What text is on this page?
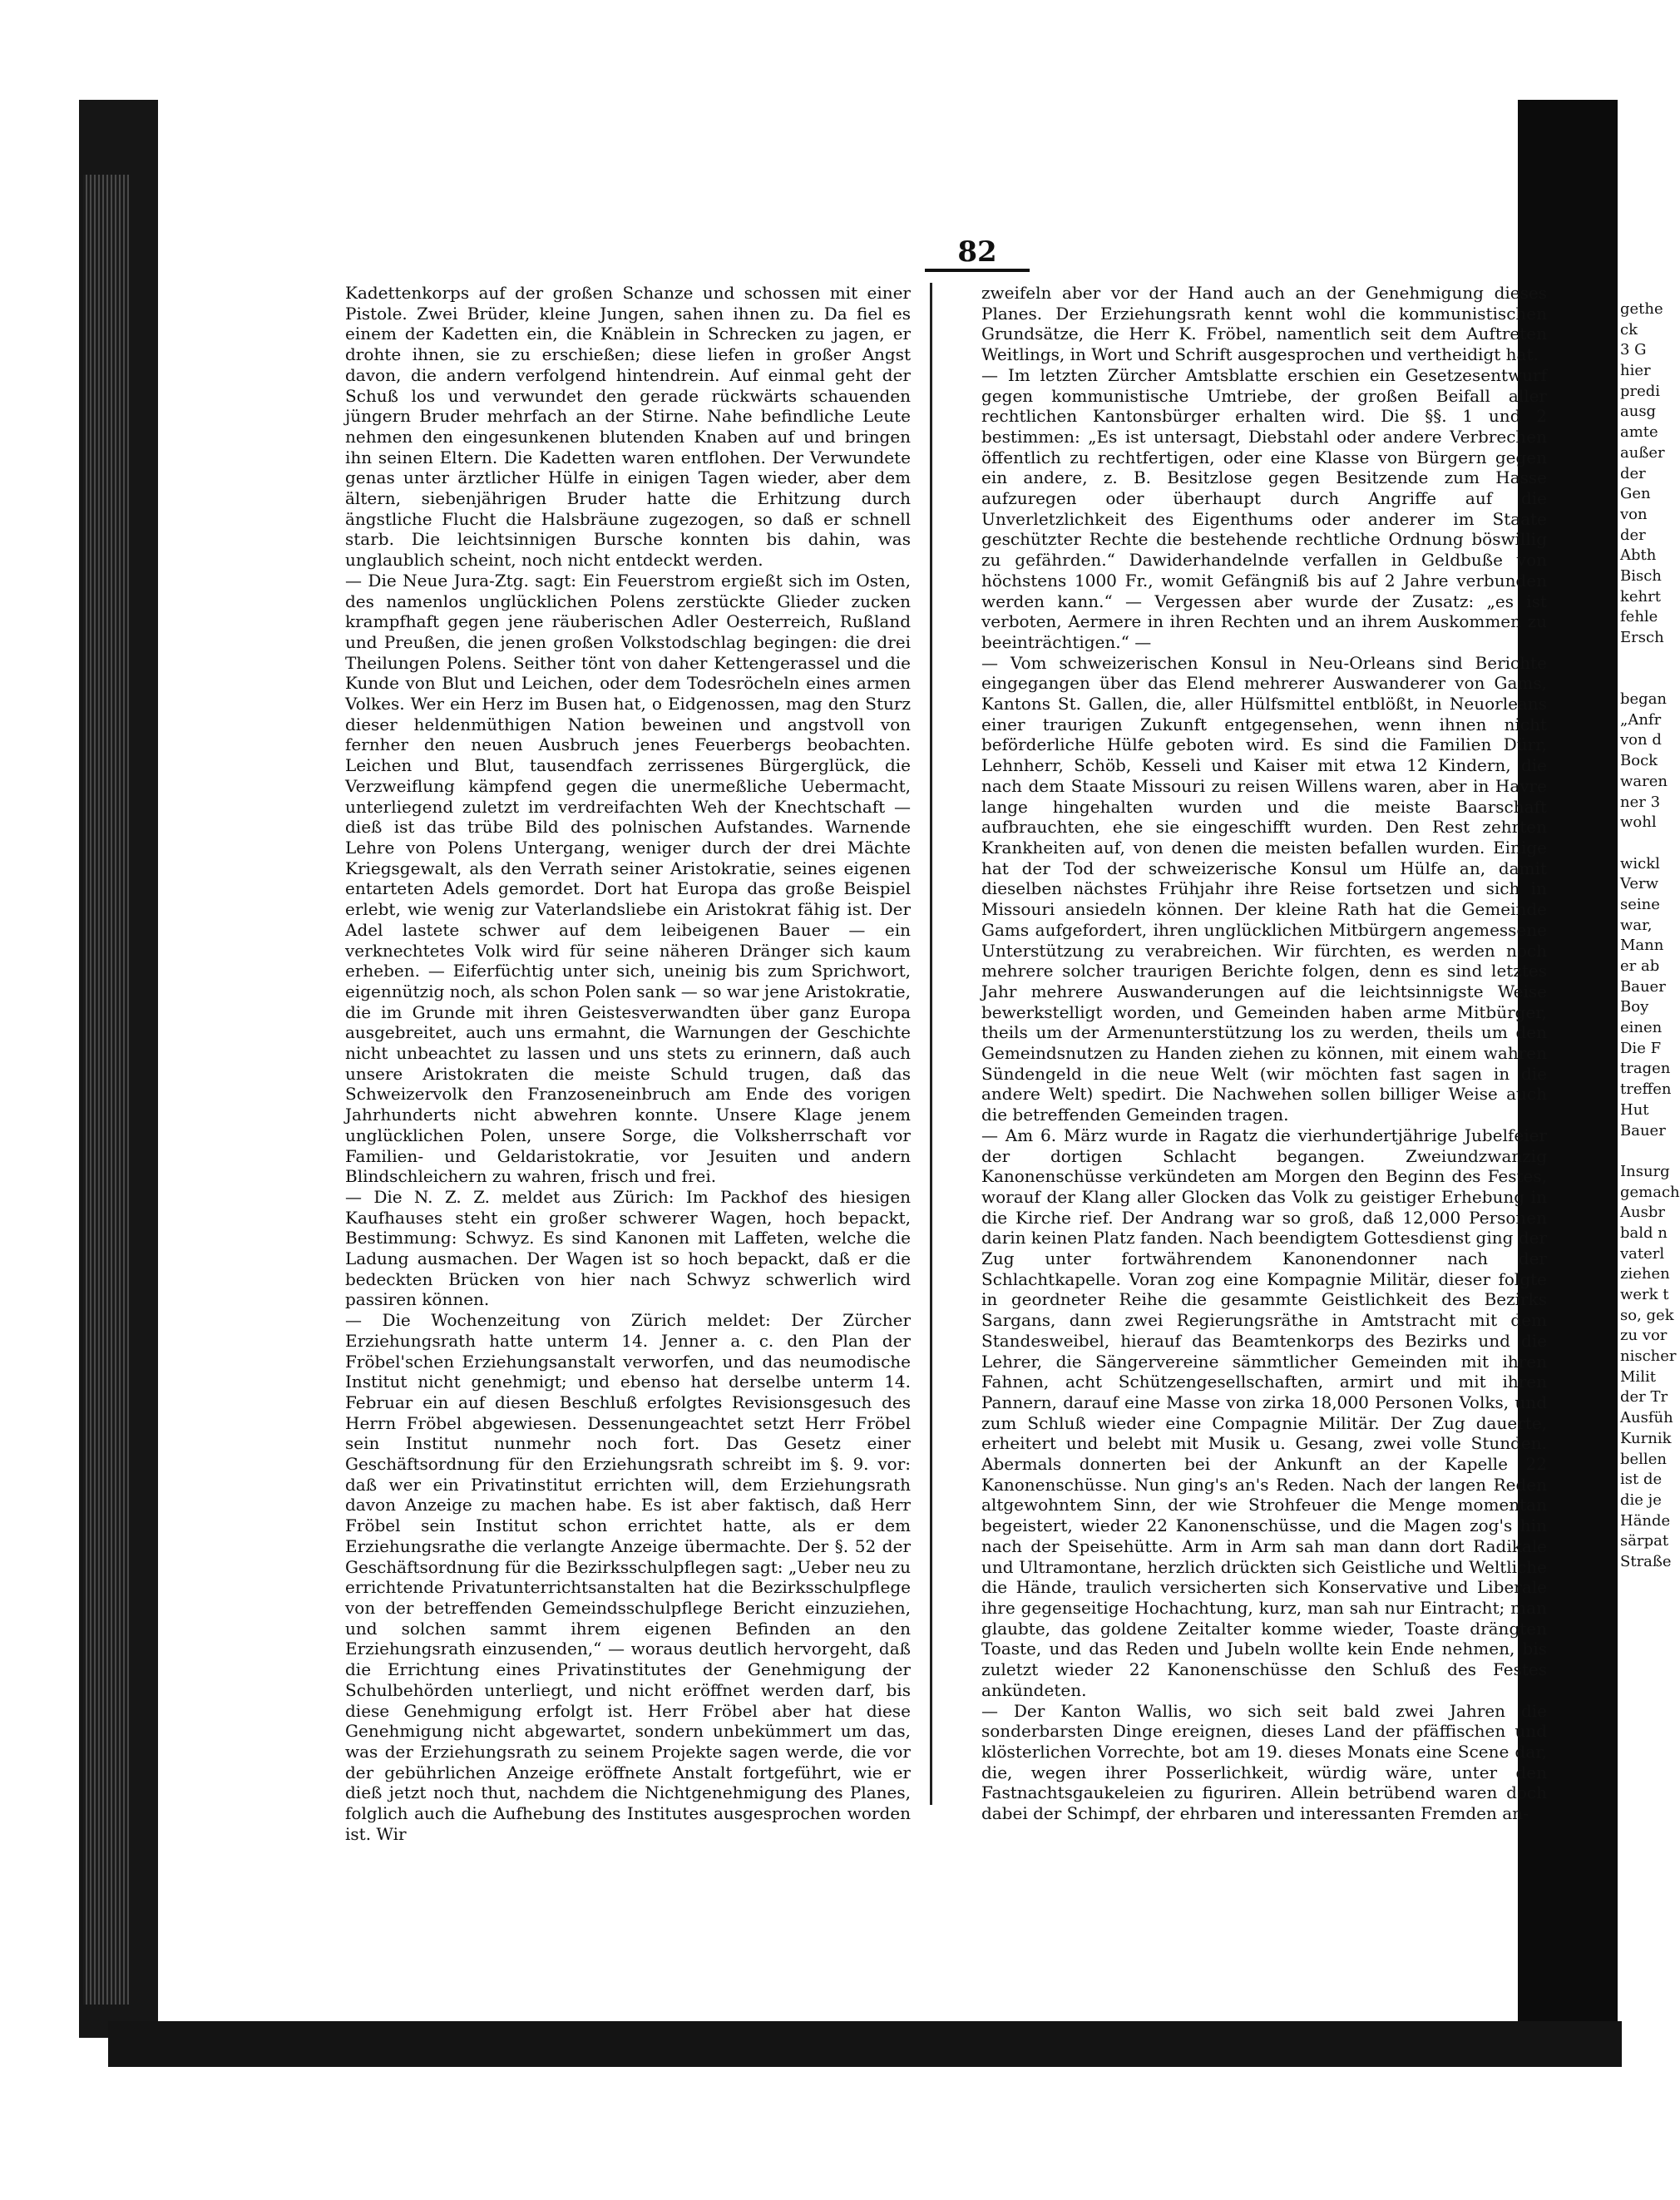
82

Kadettenkorps auf der großen Schanze und schossen mit einer Pistole. Zwei Brüder, kleine Jungen, sahen ihnen zu. Da fiel es einem der Kadetten ein, die Knäblein in Schrecken zu jagen, er drohte ihnen, sie zu erschießen; diese liefen in großer Angst davon, die andern verfolgend hintendrein. Auf einmal geht der Schuß los und verwundet den gerade rückwärts schauenden jüngern Bruder mehrfach an der Stirne. Nahe befindliche Leute nehmen den eingesunkenen blutenden Knaben auf und bringen ihn seinen Eltern. Die Kadetten waren entflohen. Der Verwundete genas unter ärztlicher Hülfe in einigen Tagen wieder, aber dem ältern, siebenjährigen Bruder hatte die Erhitzung durch ängstliche Flucht die Halsbräune zugezogen, so daß er schnell starb. Die leichtsinnigen Bursche konnten bis dahin, was unglaublich scheint, noch nicht entdeckt werden.

— Die Neue Jura-Ztg. sagt: Ein Feuerstrom ergießt sich im Osten, des namenlos unglücklichen Polens zerstückte Glieder zucken krampfhaft gegen jene räuberischen Adler Oesterreich, Rußland und Preußen, die jenen großen Volkstodschlag begingen: die drei Theilungen Polens. Seither tönt von daher Kettengerassel und die Kunde von Blut und Leichen, oder dem Todesröcheln eines armen Volkes. Wer ein Herz im Busen hat, o Eidgenossen, mag den Sturz dieser heldenmüthigen Nation beweinen und angstvoll von fernher den neuen Ausbruch jenes Feuerbergs beobachten. Leichen und Blut, tausendfach zerrissenes Bürgerglück, die Verzweiflung kämpfend gegen die unermeßliche Uebermacht, unterliegend zuletzt im verdreifachten Weh der Knechtschaft — dieß ist das trübe Bild des polnischen Aufstandes. Warnende Lehre von Polens Untergang, weniger durch der drei Mächte Kriegsgewalt, als den Verrath seiner Aristokratie, seines eigenen entarteten Adels gemordet. Dort hat Europa das große Beispiel erlebt, wie wenig zur Vaterlandsliebe ein Aristokrat fähig ist. Der Adel lastete schwer auf dem leibeigenen Bauer — ein verknechtetes Volk wird für seine näheren Dränger sich kaum erheben. — Eiferfüchtig unter sich, uneinig bis zum Sprichwort, eigennützig noch, als schon Polen sank — so war jene Aristokratie, die im Grunde mit ihren Geistesverwandten über ganz Europa ausgebreitet, auch uns ermahnt, die Warnungen der Geschichte nicht unbeachtet zu lassen und uns stets zu erinnern, daß auch unsere Aristokraten die meiste Schuld trugen, daß das Schweizervolk den Franzoseneinbruch am Ende des vorigen Jahrhunderts nicht abwehren konnte. Unsere Klage jenem unglücklichen Polen, unsere Sorge, die Volksherrschaft vor Familien- und Geldaristokratie, vor Jesuiten und andern Blindschleichern zu wahren, frisch und frei.

— Die N. Z. Z. meldet aus Zürich: Im Packhof des hiesigen Kaufhauses steht ein großer schwerer Wagen, hoch bepackt, Bestimmung: Schwyz. Es sind Kanonen mit Laffeten, welche die Ladung ausmachen. Der Wagen ist so hoch bepackt, daß er die bedeckten Brücken von hier nach Schwyz schwerlich wird passiren können.

— Die Wochenzeitung von Zürich meldet: Der Zürcher Erziehungsrath hatte unterm 14. Jenner a. c. den Plan der Fröbel'schen Erziehungsanstalt verworfen, und das neumodische Institut nicht genehmigt; und ebenso hat derselbe unterm 14. Februar ein auf diesen Beschluß erfolgtes Revisionsgesuch des Herrn Fröbel abgewiesen. Dessenungeachtet setzt Herr Fröbel sein Institut nunmehr noch fort. Das Gesetz einer Geschäftsordnung für den Erziehungsrath schreibt im §. 9. vor: daß wer ein Privatinstitut errichten will, dem Erziehungsrath davon Anzeige zu machen habe. Es ist aber faktisch, daß Herr Fröbel sein Institut schon errichtet hatte, als er dem Erziehungsrathe die verlangte Anzeige übermachte. Der §. 52 der Geschäftsordnung für die Bezirksschulpflegen sagt: „Ueber neu zu errichtende Privatunterrichtsanstalten hat die Bezirksschulpflege von der betreffenden Gemeindsschulpflege Bericht einzuziehen, und solchen sammt ihrem eigenen Befinden an den Erziehungsrath einzusenden,“ — woraus deutlich hervorgeht, daß die Errichtung eines Privatinstitutes der Genehmigung der Schulbehörden unterliegt, und nicht eröffnet werden darf, bis diese Genehmigung erfolgt ist. Herr Fröbel aber hat diese Genehmigung nicht abgewartet, sondern unbekümmert um das, was der Erziehungsrath zu seinem Projekte sagen werde, die vor der gebührlichen Anzeige eröffnete Anstalt fortgeführt, wie er dieß jetzt noch thut, nachdem die Nichtgenehmigung des Planes, folglich auch die Aufhebung des Institutes ausgesprochen worden ist. Wir

zweifeln aber vor der Hand auch an der Genehmigung dieses Planes. Der Erziehungsrath kennt wohl die kommunistischen Grundsätze, die Herr K. Fröbel, namentlich seit dem Auftreten Weitlings, in Wort und Schrift ausgesprochen und vertheidigt hat.

— Im letzten Zürcher Amtsblatte erschien ein Gesetzesentwurf gegen kommunistische Umtriebe, der großen Beifall aller rechtlichen Kantonsbürger erhalten wird. Die §§. 1 und 2 bestimmen: „Es ist untersagt, Diebstahl oder andere Verbrechen öffentlich zu rechtfertigen, oder eine Klasse von Bürgern gegen ein andere, z. B. Besitzlose gegen Besitzende zum Hasse aufzuregen oder überhaupt durch Angriffe auf die Unverletzlichkeit des Eigenthums oder anderer im Staate geschützter Rechte die bestehende rechtliche Ordnung böswillig zu gefährden.“ Dawiderhandelnde verfallen in Geldbuße von höchstens 1000 Fr., womit Gefängniß bis auf 2 Jahre verbunden werden kann.“ — Vergessen aber wurde der Zusatz: „es ist verboten, Aermere in ihren Rechten und an ihrem Auskommen zu beeinträchtigen.“ —

— Vom schweizerischen Konsul in Neu-Orleans sind Berichte eingegangen über das Elend mehrerer Auswanderer von Gams, Kantons St. Gallen, die, aller Hülfsmittel entblößt, in Neuorleans einer traurigen Zukunft entgegensehen, wenn ihnen nicht beförderliche Hülfe geboten wird. Es sind die Familien Dürr, Lehnherr, Schöb, Kesseli und Kaiser mit etwa 12 Kindern, die nach dem Staate Missouri zu reisen Willens waren, aber in Havre lange hingehalten wurden und die meiste Baarschaft aufbrauchten, ehe sie eingeschifft wurden. Den Rest zehrten Krankheiten auf, von denen die meisten befallen wurden. Einige hat der Tod der schweizerische Konsul um Hülfe an, damit dieselben nächstes Frühjahr ihre Reise fortsetzen und sich in Missouri ansiedeln können. Der kleine Rath hat die Gemeinde Gams aufgefordert, ihren unglücklichen Mitbürgern angemessene Unterstützung zu verabreichen. Wir fürchten, es werden noch mehrere solcher traurigen Berichte folgen, denn es sind letztes Jahr mehrere Auswanderungen auf die leichtsinnigste Weise bewerkstelligt worden, und Gemeinden haben arme Mitbürger, theils um der Armenunterstützung los zu werden, theils um den Gemeindsnutzen zu Handen ziehen zu können, mit einem wahren Sündengeld in die neue Welt (wir möchten fast sagen in die andere Welt) spedirt. Die Nachwehen sollen billiger Weise auch die betreffenden Gemeinden tragen.

— Am 6. März wurde in Ragatz die vierhundertjährige Jubelfeier der dortigen Schlacht begangen. Zweiundzwanzig Kanonenschüsse verkündeten am Morgen den Beginn des Festes, worauf der Klang aller Glocken das Volk zu geistiger Erhebung in die Kirche rief. Der Andrang war so groß, daß 12,000 Personen darin keinen Platz fanden. Nach beendigtem Gottesdienst ging der Zug unter fortwährendem Kanonendonner nach der Schlachtkapelle. Voran zog eine Kompagnie Militär, dieser folgte in geordneter Reihe die gesammte Geistlichkeit des Bezirks Sargans, dann zwei Regierungsräthe in Amtstracht mit dem Standesweibel, hierauf das Beamtenkorps des Bezirks und die Lehrer, die Sängervereine sämmtlicher Gemeinden mit ihren Fahnen, acht Schützengesellschaften, armirt und mit ihren Pannern, darauf eine Masse von zirka 18,000 Personen Volks, und zum Schluß wieder eine Compagnie Militär. Der Zug dauerte, erheitert und belebt mit Musik u. Gesang, zwei volle Stunden. Abermals donnerten bei der Ankunft an der Kapelle 22 Kanonenschüsse. Nun ging's an's Reden. Nach der langen Reden altgewohntem Sinn, der wie Strohfeuer die Menge momentan begeistert, wieder 22 Kanonenschüsse, und die Magen zog's hin nach der Speisehütte. Arm in Arm sah man dann dort Radikale und Ultramontane, herzlich drückten sich Geistliche und Weltliche die Hände, traulich versicherten sich Konservative und Liberale ihre gegenseitige Hochachtung, kurz, man sah nur Eintracht; man glaubte, das goldene Zeitalter komme wieder, Toaste drängten Toaste, und das Reden und Jubeln wollte kein Ende nehmen, bis zuletzt wieder 22 Kanonenschüsse den Schluß des Festes ankündeten.

— Der Kanton Wallis, wo sich seit bald zwei Jahren die sonderbarsten Dinge ereignen, dieses Land der pfäffischen und klösterlichen Vorrechte, bot am 19. dieses Monats eine Scene dar, die, wegen ihrer Posserlichkeit, würdig wäre, unter den Fastnachtsgaukeleien zu figuriren. Allein betrübend waren doch dabei der Schimpf, der ehrbaren und interessanten Fremden an-

gethe
ck
3 G
hier
predi
ausg
amte
außer
der
Gen
von
der
Abth
Bisch
kehrt
fehle
Ersch
began
„Anfr
von d
Bock
waren
ner 3
wohl
wickl
Verw
seine
war,
Mann
er ab
Bauer
Boy
einen
Die F
tragen
treffen
Hut
Bauer
Insurg
gemach
Ausbr
bald n
vaterl
ziehen
werk t
so, gek
zu vor
nischer
Milit
der Tr
Ausfüh
Kurnik
bellen
ist de
die je
Hände
särpat
Straße
